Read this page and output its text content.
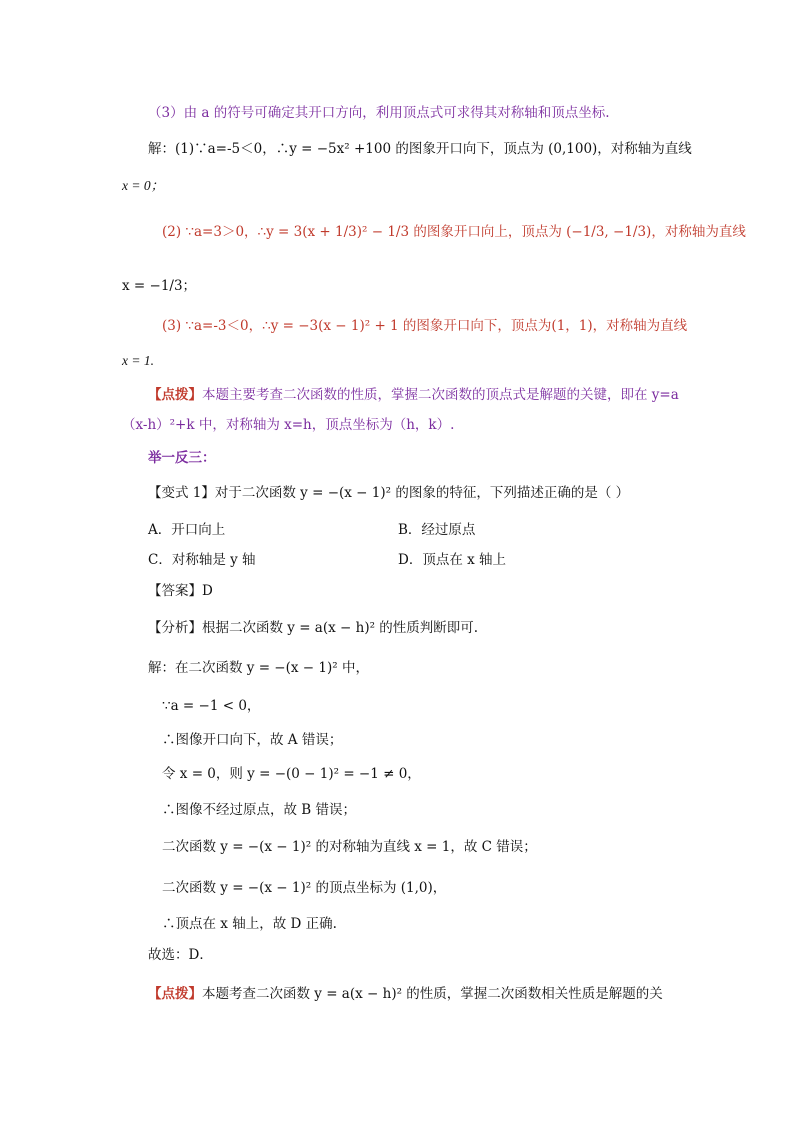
（3）由 a 的符号可确定其开口方向，利用顶点式可求得其对称轴和顶点坐标.
解：(1)∵a=-5＜0，∴y = −5x² +100 的图象开口向下，顶点为 (0,100)，对称轴为直线
x = 0；
(2) ∵a=3＞0，∴y = 3(x + 1/3)² − 1/3 的图象开口向上，顶点为 (−1/3, −1/3)，对称轴为直线
x = −1/3；
(3) ∵a=-3＜0，∴y = −3(x − 1)² + 1 的图象开口向下，顶点为(1，1)，对称轴为直线
x = 1.
【点拨】本题主要考查二次函数的性质，掌握二次函数的顶点式是解题的关键，即在 y=a
（x-h）²+k 中，对称轴为 x=h，顶点坐标为（h，k）.
举一反三：
【变式 1】对于二次函数 y = −(x − 1)² 的图象的特征，下列描述正确的是（ ）
A．开口向上	B．经过原点
C．对称轴是 y 轴	D．顶点在 x 轴上
【答案】D
【分析】根据二次函数 y = a(x − h)² 的性质判断即可.
解：在二次函数 y = −(x − 1)² 中，
∵a = −1 < 0，
∴图像开口向下，故 A 错误；
令 x = 0，则 y = −(0 − 1)² = −1 ≠ 0，
∴图像不经过原点，故 B 错误；
二次函数 y = −(x − 1)² 的对称轴为直线 x = 1，故 C 错误；
二次函数 y = −(x − 1)² 的顶点坐标为 (1,0)，
∴顶点在 x 轴上，故 D 正确.
故选：D．
【点拨】本题考查二次函数 y = a(x − h)² 的性质，掌握二次函数相关性质是解题的关
